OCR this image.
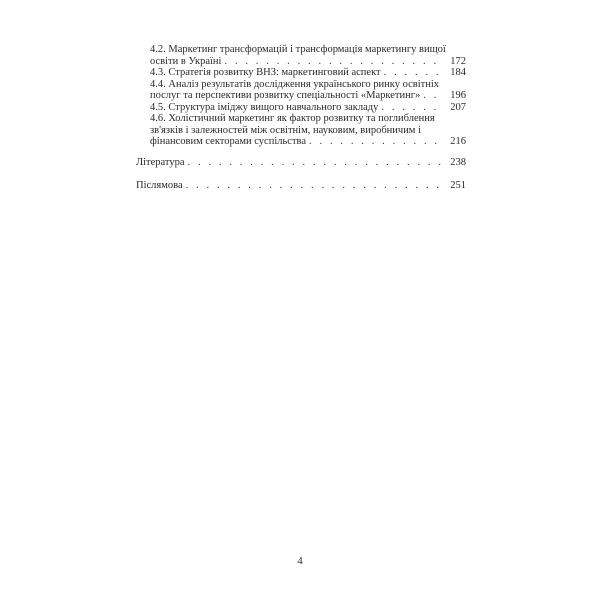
4.2. Маркетинг трансформацій і трансформація маркетингу вищої
освіти в Україні . . .	172
4.3. Стратегія розвитку ВНЗ: маркетинговий аспект . . .	184
4.4. Аналіз результатів дослідження українського ринку освітніх
послуг та перспективи розвитку спеціальності «Маркетинг» . . .	196
4.5. Структура іміджу вищого навчального закладу . . .	207
4.6. Холістичний маркетинг як фактор розвитку та поглиблення
зв'язків і залежностей між освітнім, науковим, виробничим і
фінансовим секторами суспільства . . .	216
Література . . .	238
Післямова . . .	251
4
